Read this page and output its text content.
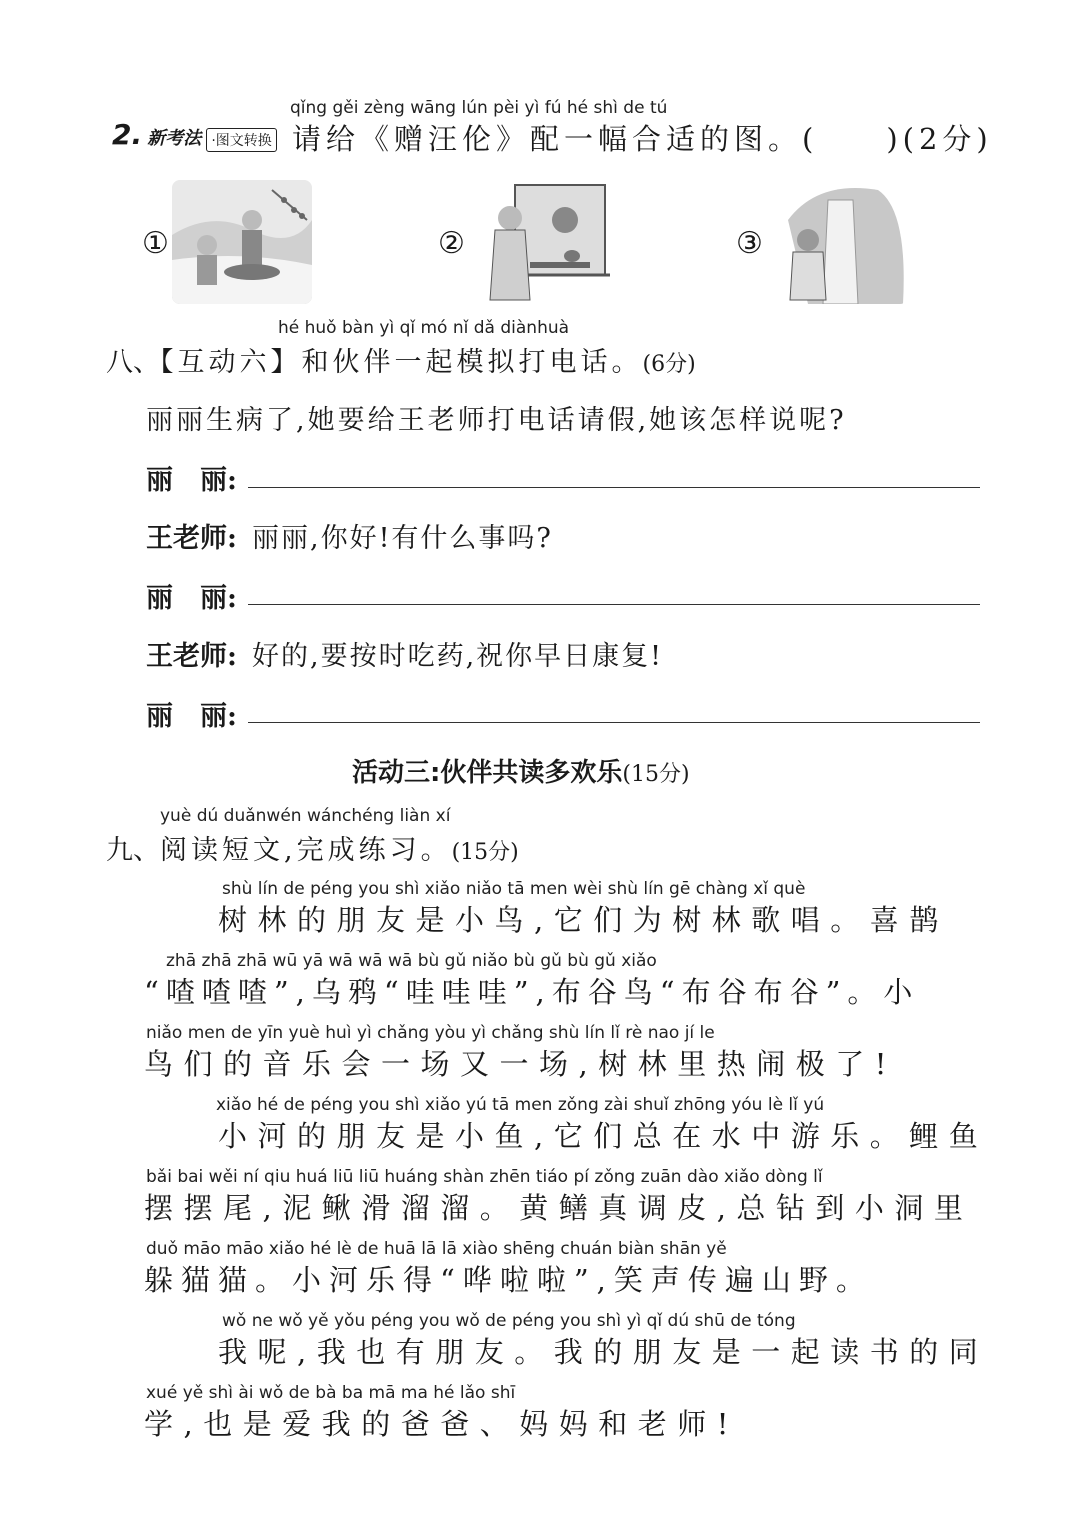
qǐng gěi zèng wāng lún pèi yì fú hé shì de tú
2. 新考法 ·图文转换 请给《赠汪伦》配一幅合适的图。(　　)(2分)
①	②	③
hé huǒ bàn yì qǐ mó nǐ dǎ diànhuà
八、【互动六】和伙伴一起模拟打电话。(6分)
丽丽生病了,她要给王老师打电话请假,她该怎样说呢?
丽　丽:
王老师: 丽丽,你好!有什么事吗?
丽　丽:
王老师: 好的,要按时吃药,祝你早日康复!
丽　丽:
活动三:伙伴共读多欢乐(15分)
yuè dú duǎnwén wánchéng liàn xí
九、阅读短文,完成练习。(15分)
shù lín de péng you shì xiǎo niǎo tā men wèi shù lín gē chàng xǐ què
树林的朋友是小鸟,它们为树林歌唱。喜鹊
zhā zhā zhā wū yā wā wā wā bù gǔ niǎo bù gǔ bù gǔ xiǎo
“喳喳喳”,乌鸦“哇哇哇”,布谷鸟“布谷布谷”。小
niǎo men de yīn yuè huì yì chǎng yòu yì chǎng shù lín lǐ rè nao jí le
鸟们的音乐会一场又一场,树林里热闹极了!
xiǎo hé de péng you shì xiǎo yú tā men zǒng zài shuǐ zhōng yóu lè lǐ yú
小河的朋友是小鱼,它们总在水中游乐。鲤鱼
bǎi bai wěi ní qiu huá liū liū huáng shàn zhēn tiáo pí zǒng zuān dào xiǎo dòng lǐ
摆摆尾,泥鳅滑溜溜。黄鳝真调皮,总钻到小洞里
duǒ māo māo xiǎo hé lè de huā lā lā xiào shēng chuán biàn shān yě
躲猫猫。小河乐得“哗啦啦”,笑声传遍山野。
wǒ ne wǒ yě yǒu péng you wǒ de péng you shì yì qǐ dú shū de tóng
我呢,我也有朋友。我的朋友是一起读书的同
xué yě shì ài wǒ de bà ba mā ma hé lǎo shī
学,也是爱我的爸爸、妈妈和老师!
